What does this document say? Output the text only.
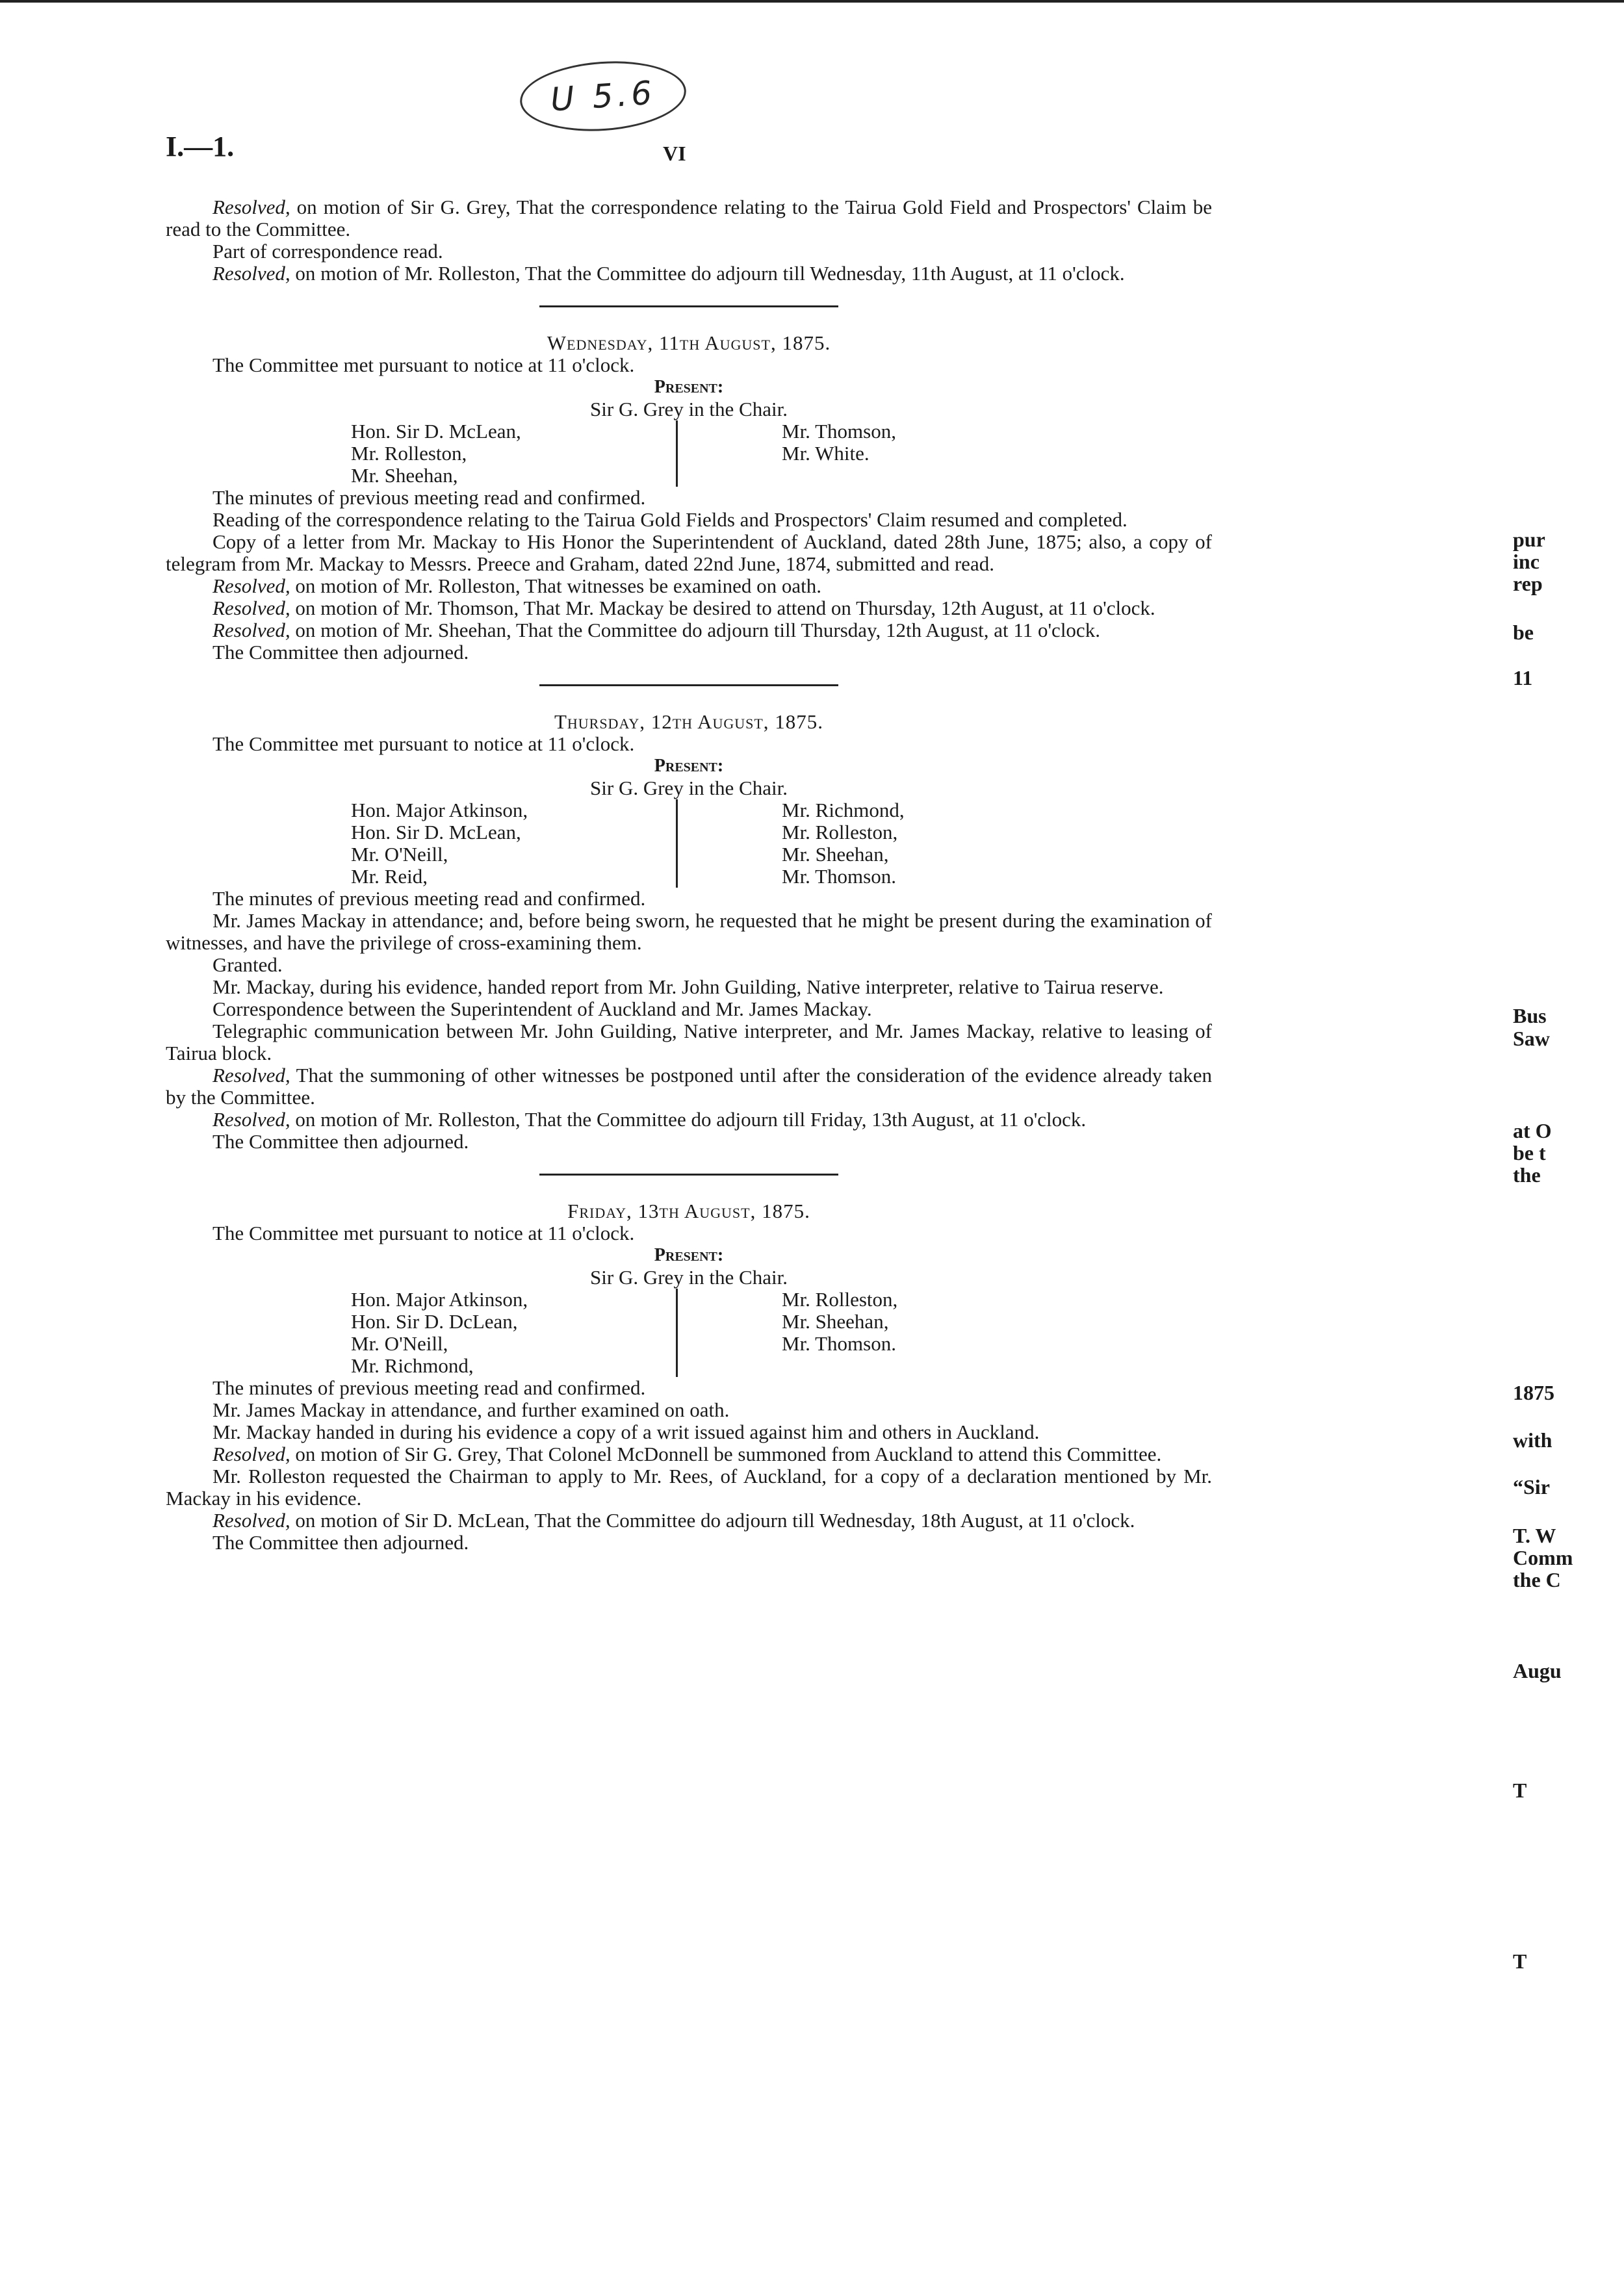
U 5.6
I.—1.	VI

Resolved, on motion of Sir G. Grey, That the correspondence relating to the Tairua Gold Field and Prospectors' Claim be read to the Committee.

Part of correspondence read.

Resolved, on motion of Mr. Rolleston, That the Committee do adjourn till Wednesday, 11th August, at 11 o'clock.

Wednesday, 11th August, 1875.

The Committee met pursuant to notice at 11 o'clock.

Present:
Sir G. Grey in the Chair.
Hon. Sir D. McLean,
Mr. Rolleston,
Mr. Sheehan,
Mr. Thomson,
Mr. White.

The minutes of previous meeting read and confirmed.

Reading of the correspondence relating to the Tairua Gold Fields and Prospectors' Claim resumed and completed.

Copy of a letter from Mr. Mackay to His Honor the Superintendent of Auckland, dated 28th June, 1875; also, a copy of telegram from Mr. Mackay to Messrs. Preece and Graham, dated 22nd June, 1874, submitted and read.

Resolved, on motion of Mr. Rolleston, That witnesses be examined on oath.

Resolved, on motion of Mr. Thomson, That Mr. Mackay be desired to attend on Thursday, 12th August, at 11 o'clock.

Resolved, on motion of Mr. Sheehan, That the Committee do adjourn till Thursday, 12th August, at 11 o'clock.

The Committee then adjourned.

Thursday, 12th August, 1875.

The Committee met pursuant to notice at 11 o'clock.

Present:
Sir G. Grey in the Chair.
Hon. Major Atkinson,
Hon. Sir D. McLean,
Mr. O'Neill,
Mr. Reid,
Mr. Richmond,
Mr. Rolleston,
Mr. Sheehan,
Mr. Thomson.

The minutes of previous meeting read and confirmed.

Mr. James Mackay in attendance; and, before being sworn, he requested that he might be present during the examination of witnesses, and have the privilege of cross-examining them.

Granted.

Mr. Mackay, during his evidence, handed report from Mr. John Guilding, Native interpreter, relative to Tairua reserve.

Correspondence between the Superintendent of Auckland and Mr. James Mackay.

Telegraphic communication between Mr. John Guilding, Native interpreter, and Mr. James Mackay, relative to leasing of Tairua block.

Resolved, That the summoning of other witnesses be postponed until after the consideration of the evidence already taken by the Committee.

Resolved, on motion of Mr. Rolleston, That the Committee do adjourn till Friday, 13th August, at 11 o'clock.

The Committee then adjourned.

Friday, 13th August, 1875.

The Committee met pursuant to notice at 11 o'clock.

Present:
Sir G. Grey in the Chair.
Hon. Major Atkinson,
Hon. Sir D. DcLean,
Mr. O'Neill,
Mr. Richmond,
Mr. Rolleston,
Mr. Sheehan,
Mr. Thomson.

The minutes of previous meeting read and confirmed.

Mr. James Mackay in attendance, and further examined on oath.

Mr. Mackay handed in during his evidence a copy of a writ issued against him and others in Auckland.

Resolved, on motion of Sir G. Grey, That Colonel McDonnell be summoned from Auckland to attend this Committee.

Mr. Rolleston requested the Chairman to apply to Mr. Rees, of Auckland, for a copy of a declaration mentioned by Mr. Mackay in his evidence.

Resolved, on motion of Sir D. McLean, That the Committee do adjourn till Wednesday, 18th August, at 11 o'clock.

The Committee then adjourned.

pur
inc
rep
be
11
Bus
Saw
at O
be t
the
1875
with
“Sir
T. W
Comm
the C
Augu
T
T
